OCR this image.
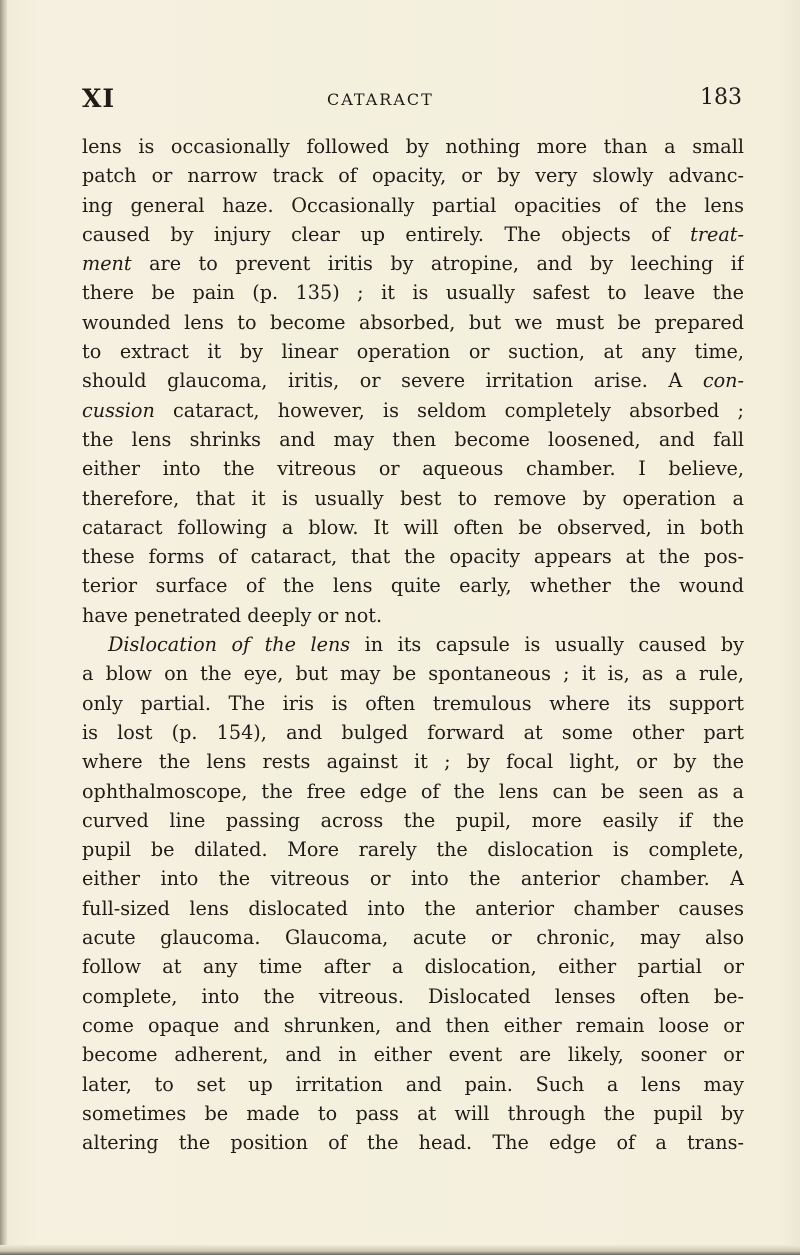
XI	CATARACT	183
lens is occasionally followed by nothing more than a small
patch or narrow track of opacity, or by very slowly advanc-
ing general haze. Occasionally partial opacities of the lens
caused by injury clear up entirely. The objects of treat-
ment are to prevent iritis by atropine, and by leeching if
there be pain (p. 135) ; it is usually safest to leave the
wounded lens to become absorbed, but we must be prepared
to extract it by linear operation or suction, at any time,
should glaucoma, iritis, or severe irritation arise. A con-
cussion cataract, however, is seldom completely absorbed ;
the lens shrinks and may then become loosened, and fall
either into the vitreous or aqueous chamber. I believe,
therefore, that it is usually best to remove by operation a
cataract following a blow. It will often be observed, in both
these forms of cataract, that the opacity appears at the pos-
terior surface of the lens quite early, whether the wound
have penetrated deeply or not.
Dislocation of the lens in its capsule is usually caused by
a blow on the eye, but may be spontaneous ; it is, as a rule,
only partial. The iris is often tremulous where its support
is lost (p. 154), and bulged forward at some other part
where the lens rests against it ; by focal light, or by the
ophthalmoscope, the free edge of the lens can be seen as a
curved line passing across the pupil, more easily if the
pupil be dilated. More rarely the dislocation is complete,
either into the vitreous or into the anterior chamber. A
full-sized lens dislocated into the anterior chamber causes
acute glaucoma. Glaucoma, acute or chronic, may also
follow at any time after a dislocation, either partial or
complete, into the vitreous. Dislocated lenses often be-
come opaque and shrunken, and then either remain loose or
become adherent, and in either event are likely, sooner or
later, to set up irritation and pain. Such a lens may
sometimes be made to pass at will through the pupil by
altering the position of the head. The edge of a trans-
